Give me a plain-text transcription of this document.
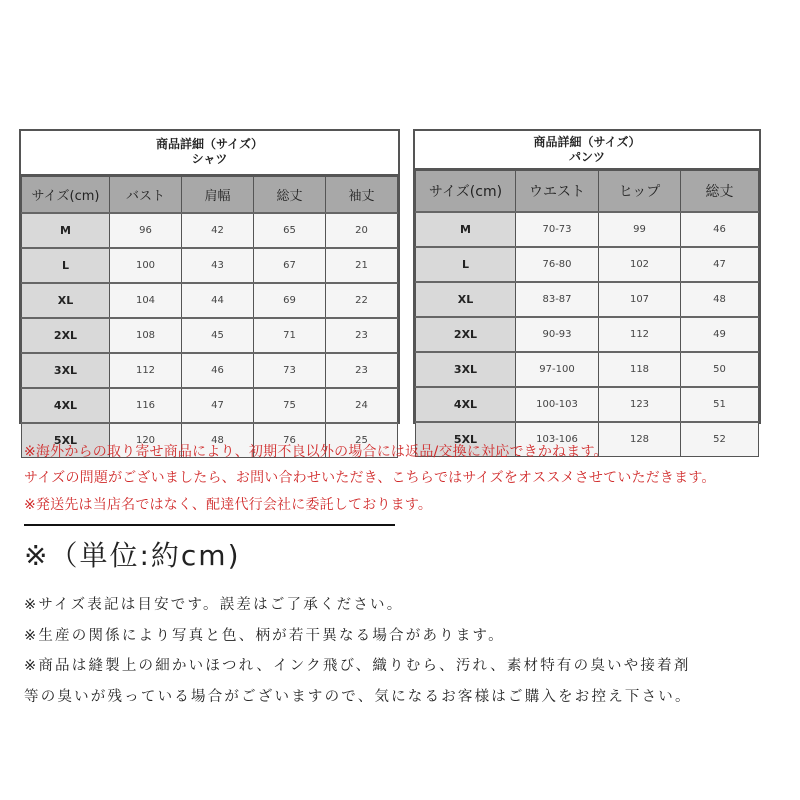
商品詳細（サイズ）
シャツ
サイズ(cm)	バスト	肩幅	総丈	袖丈
M	96	42	65	20
L	100	43	67	21
XL	104	44	69	22
2XL	108	45	71	23
3XL	112	46	73	23
4XL	116	47	75	24
5XL	120	48	76	25
商品詳細（サイズ）
パンツ
サイズ(cm)	ウエスト	ヒップ	総丈
M	70-73	99	46
L	76-80	102	47
XL	83-87	107	48
2XL	90-93	112	49
3XL	97-100	118	50
4XL	100-103	123	51
5XL	103-106	128	52
※海外からの取り寄せ商品により、初期不良以外の場合には返品/交換に対応できかねます。
サイズの問題がございましたら、お問い合わせいただき、こちらではサイズをオススメさせていただきます。
※発送先は当店名ではなく、配達代行会社に委託しております。
※（単位:約cm)
※サイズ表記は目安です。誤差はご了承ください。
※生産の関係により写真と色、柄が若干異なる場合があります。
※商品は縫製上の細かいほつれ、インク飛び、織りむら、汚れ、素材特有の臭いや接着剤
等の臭いが残っている場合がございますので、気になるお客様はご購入をお控え下さい。
